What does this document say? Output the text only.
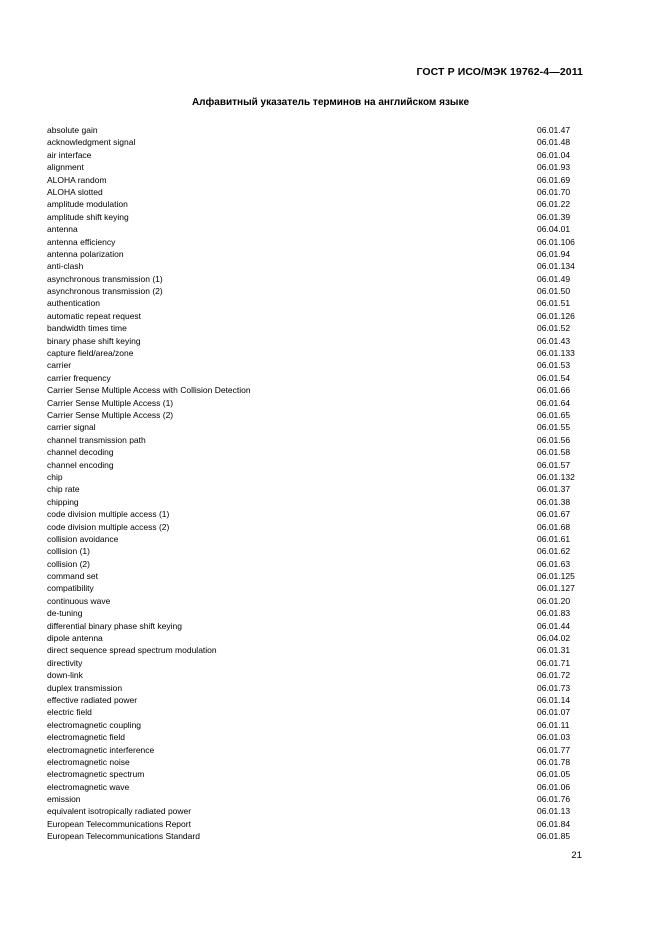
ГОСТ Р ИСО/МЭК 19762-4—2011
Алфавитный указатель терминов на английском языке
absolute gain	06.01.47
acknowledgment signal	06.01.48
air interface	06.01.04
alignment	06.01.93
ALOHA random	06.01.69
ALOHA slotted	06.01.70
amplitude modulation	06.01.22
amplitude shift keying	06.01.39
antenna	06.04.01
antenna efficiency	06.01.106
antenna polarization	06.01.94
anti-clash	06.01.134
asynchronous transmission (1)	06.01.49
asynchronous transmission (2)	06.01.50
authentication	06.01.51
automatic repeat request	06.01.126
bandwidth times time	06.01.52
binary phase shift keying	06.01.43
capture field/area/zone	06.01.133
carrier	06.01.53
carrier frequency	06.01.54
Carrier Sense Multiple Access with Collision Detection	06.01.66
Carrier Sense Multiple Access (1)	06.01.64
Carrier Sense Multiple Access (2)	06.01.65
carrier signal	06.01.55
channel transmission path	06.01.56
channel decoding	06.01.58
channel encoding	06.01.57
chip	06.01.132
chip rate	06.01.37
chipping	06.01.38
code division multiple access (1)	06.01.67
code division multiple access (2)	06.01.68
collision avoidance	06.01.61
collision (1)	06.01.62
collision (2)	06.01.63
command set	06.01.125
compatibility	06.01.127
continuous wave	06.01.20
de-tuning	06.01.83
differential binary phase shift keying	06.01.44
dipole antenna	06.04.02
direct sequence spread spectrum modulation	06.01.31
directivity	06.01.71
down-link	06.01.72
duplex transmission	06.01.73
effective radiated power	06.01.14
electric field	06.01.07
electromagnetic coupling	06.01.11
electromagnetic field	06.01.03
electromagnetic interference	06.01.77
electromagnetic noise	06.01.78
electromagnetic spectrum	06.01.05
electromagnetic wave	06.01.06
emission	06.01.76
equivalent isotropically radiated power	06.01.13
European Telecommunications Report	06.01.84
European Telecommunications Standard	06.01.85
21
